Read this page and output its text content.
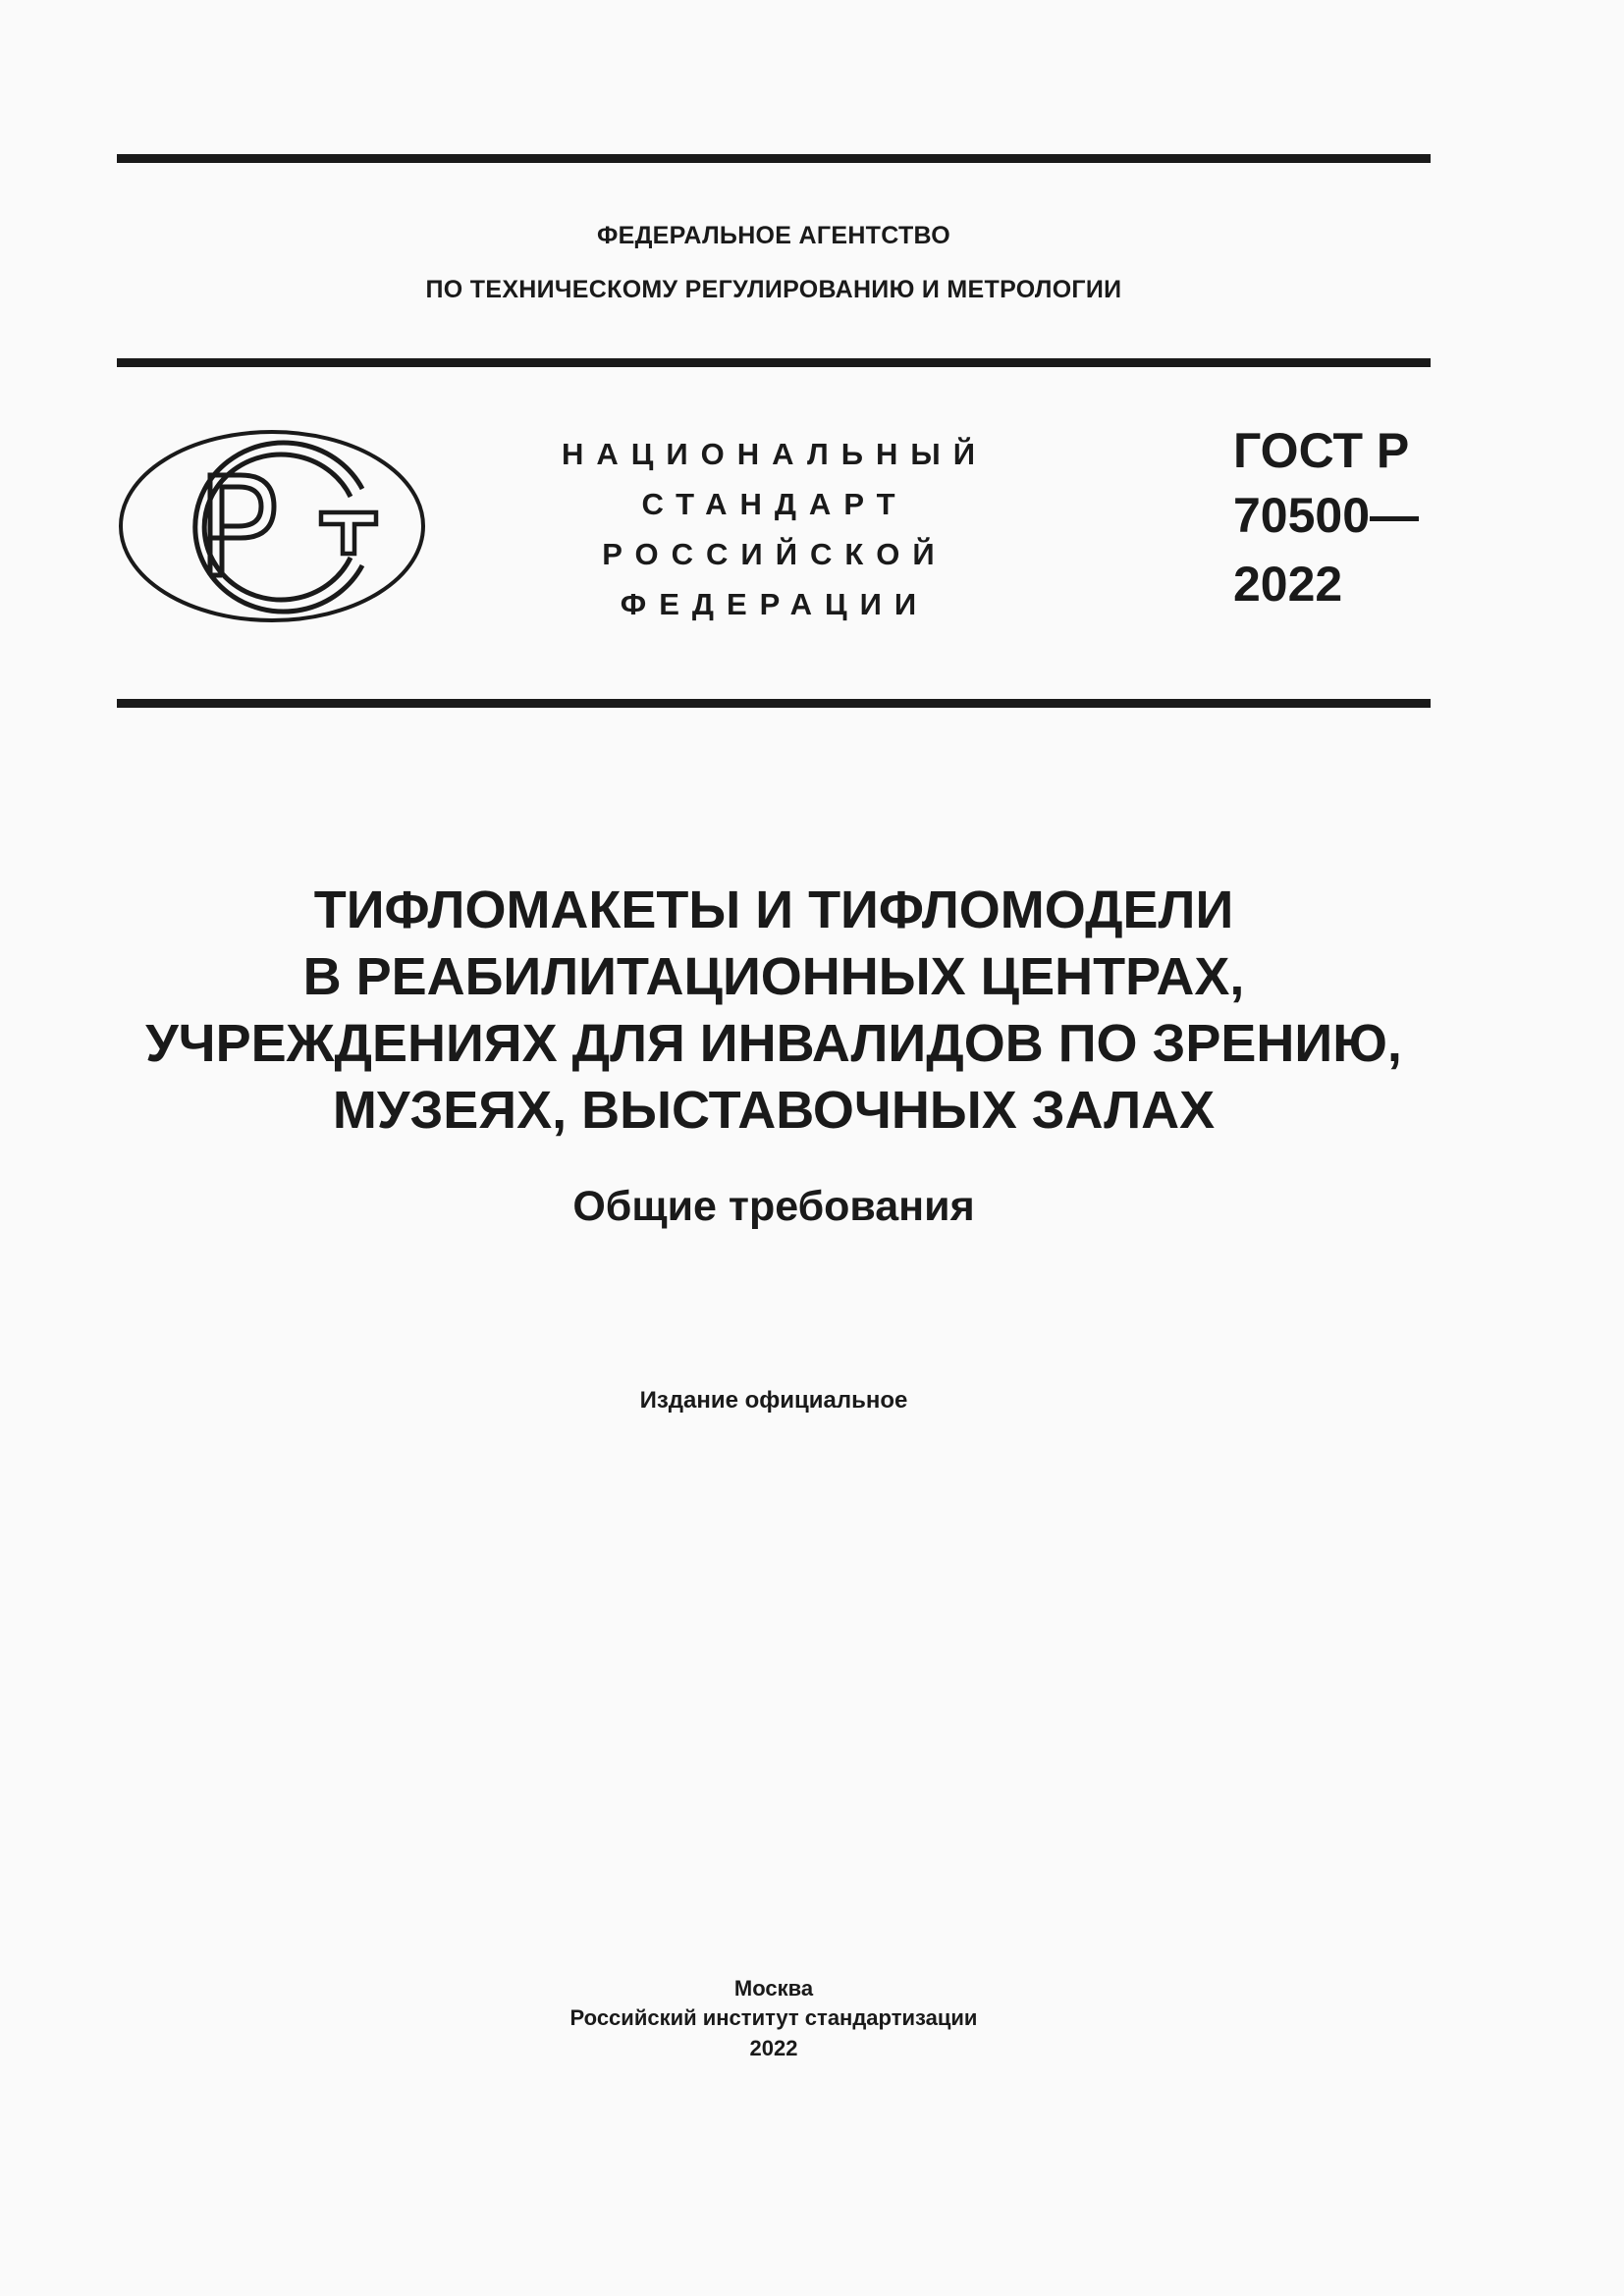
ФЕДЕРАЛЬНОЕ АГЕНТСТВО
ПО ТЕХНИЧЕСКОМУ РЕГУЛИРОВАНИЮ И МЕТРОЛОГИИ
НАЦИОНАЛЬНЫЙ
СТАНДАРТ
РОССИЙСКОЙ
ФЕДЕРАЦИИ
ГОСТ Р
70500—
2022
ТИФЛОМАКЕТЫ И ТИФЛОМОДЕЛИ
В РЕАБИЛИТАЦИОННЫХ ЦЕНТРАХ,
УЧРЕЖДЕНИЯХ ДЛЯ ИНВАЛИДОВ ПО ЗРЕНИЮ,
МУЗЕЯХ, ВЫСТАВОЧНЫХ ЗАЛАХ
Общие требования
Издание официальное
Москва
Российский институт стандартизации
2022
